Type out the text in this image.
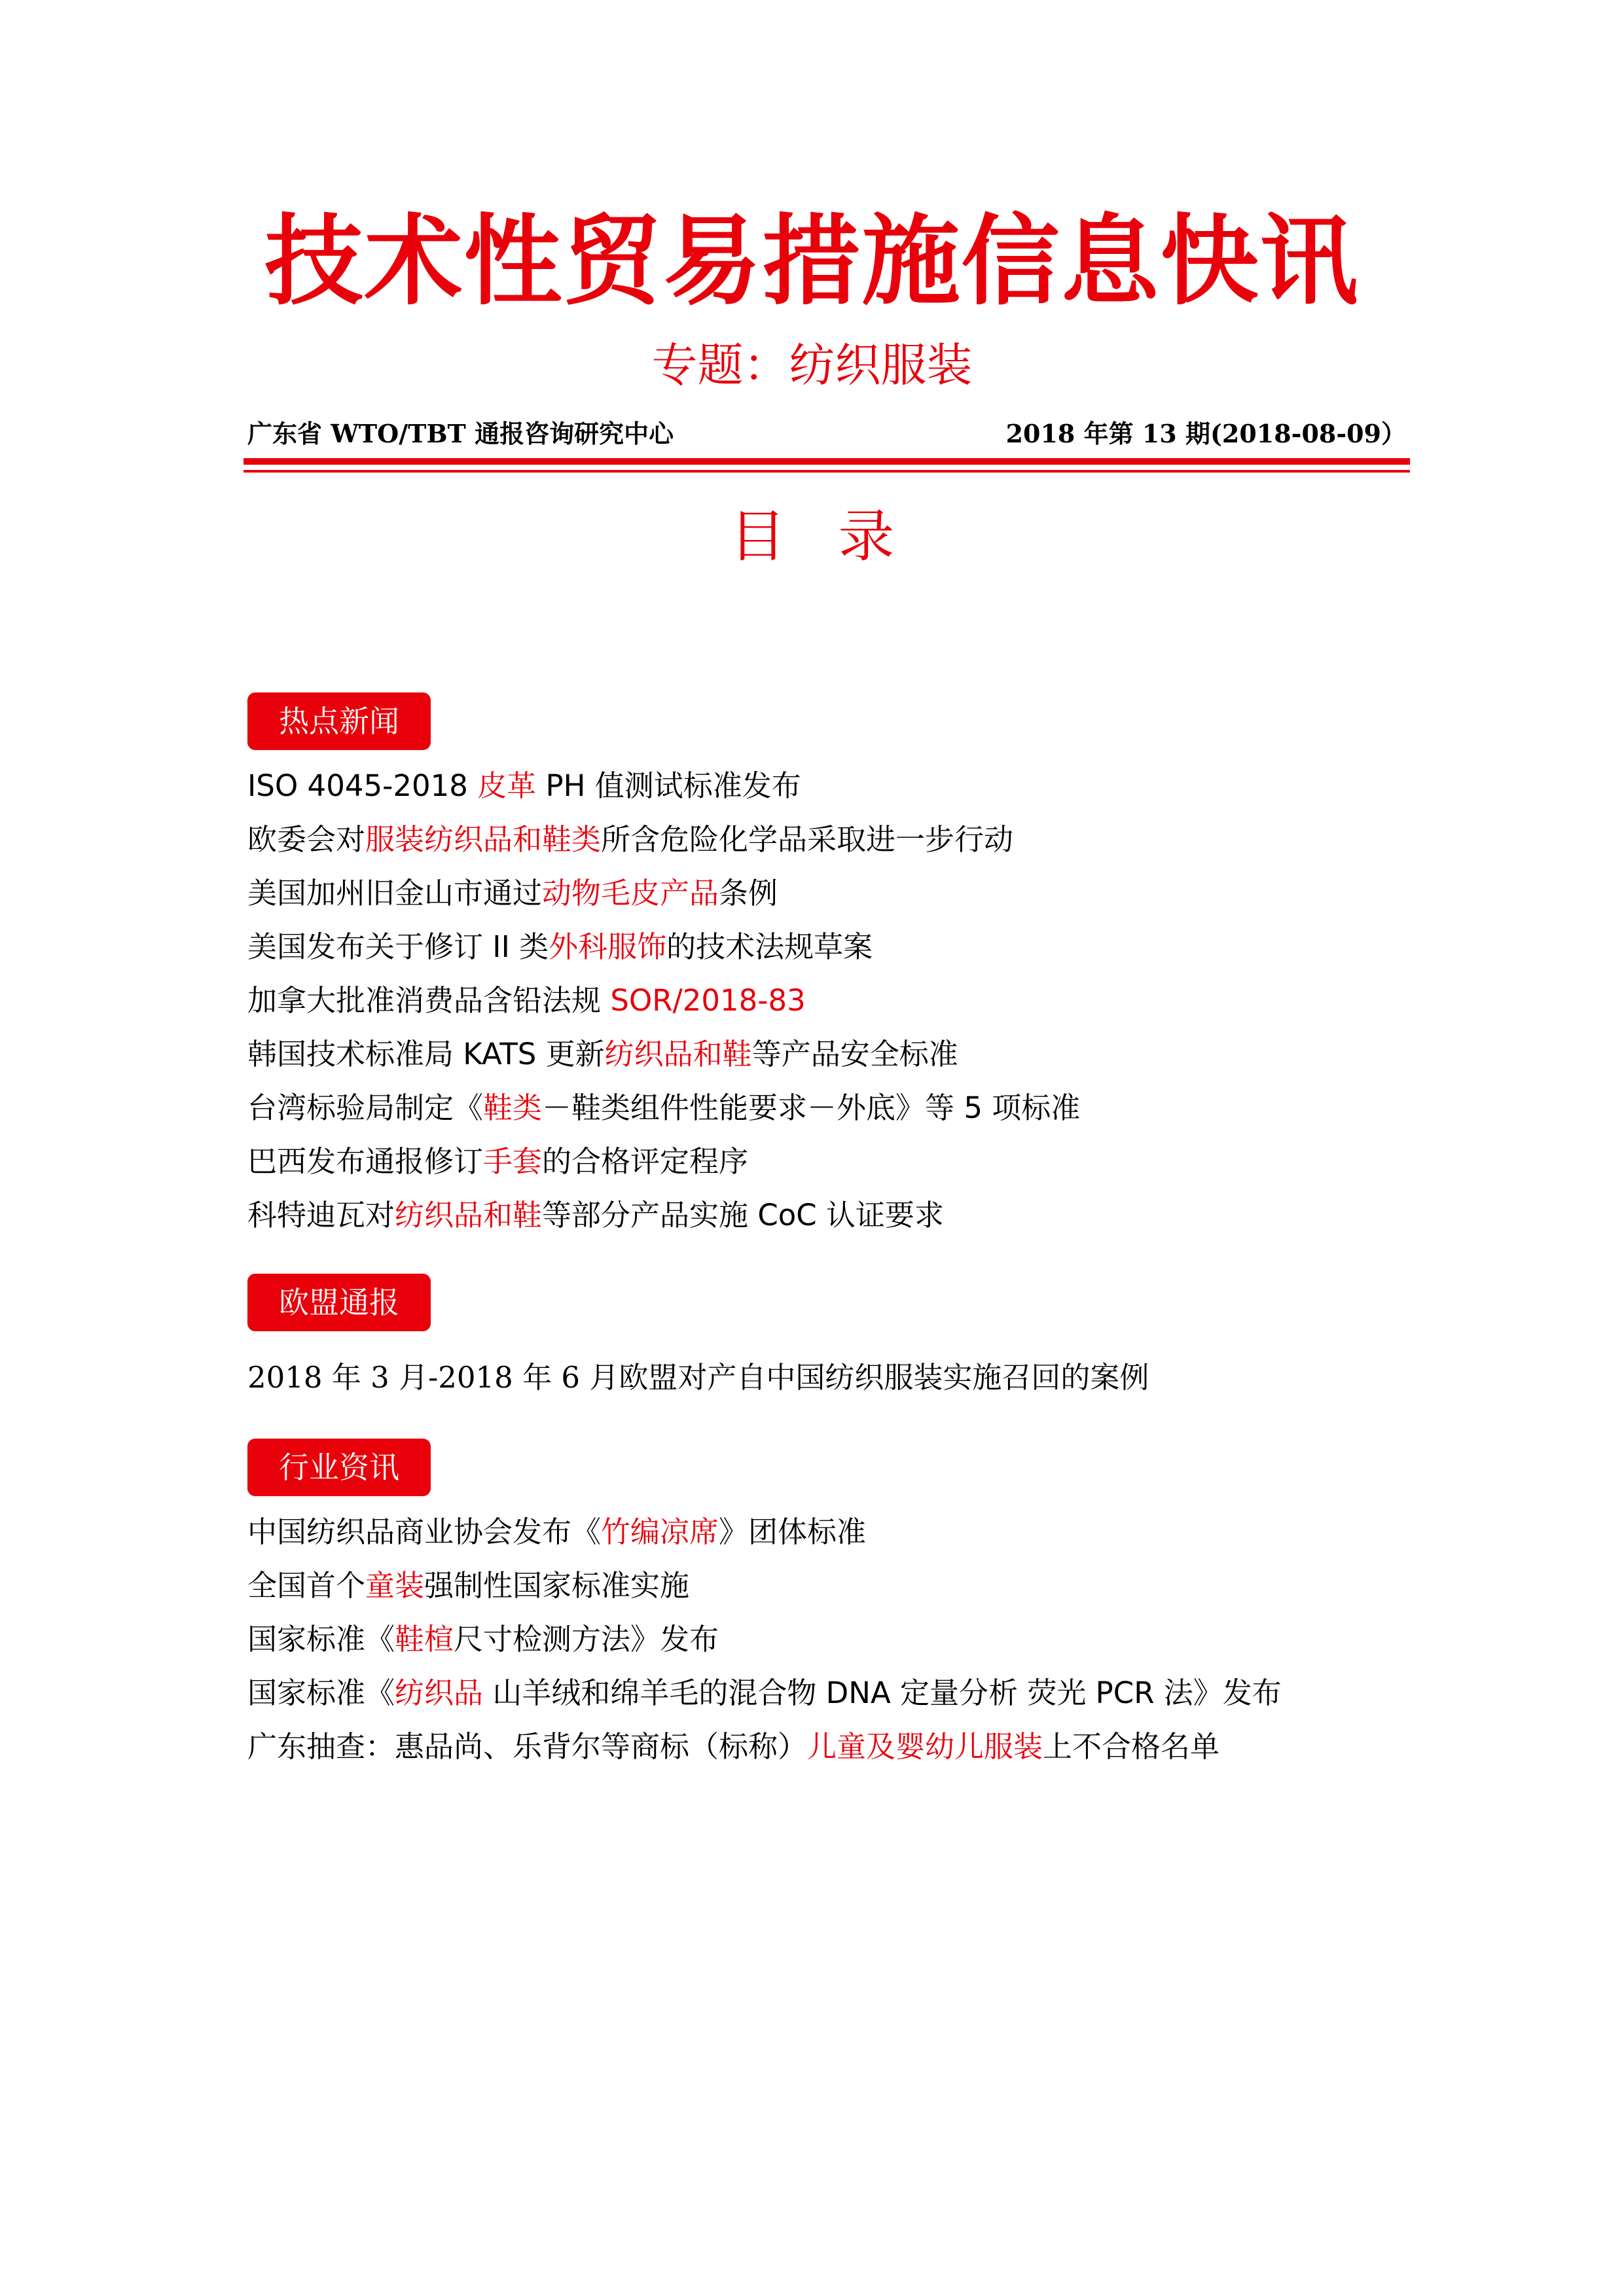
技术性贸易措施信息快讯
专题：纺织服装
广东省 WTO/TBT 通报咨询研究中心	2018 年第 13 期(2018-08-09）
目录
热点新闻
ISO 4045-2018 皮革 PH 值测试标准发布
欧委会对服装纺织品和鞋类所含危险化学品采取进一步行动
美国加州旧金山市通过动物毛皮产品条例
美国发布关于修订 II 类外科服饰的技术法规草案
加拿大批准消费品含铅法规 SOR/2018-83
韩国技术标准局 KATS 更新纺织品和鞋等产品安全标准
台湾标验局制定《鞋类－鞋类组件性能要求－外底》等 5 项标准
巴西发布通报修订手套的合格评定程序
科特迪瓦对纺织品和鞋等部分产品实施 CoC 认证要求
欧盟通报
2018 年 3 月-2018 年 6 月欧盟对产自中国纺织服装实施召回的案例
行业资讯
中国纺织品商业协会发布《竹编凉席》团体标准
全国首个童装强制性国家标准实施
国家标准《鞋楦尺寸检测方法》发布
国家标准《纺织品 山羊绒和绵羊毛的混合物 DNA 定量分析 荧光 PCR 法》发布
广东抽查：惠品尚、乐背尔等商标（标称）儿童及婴幼儿服装上不合格名单
